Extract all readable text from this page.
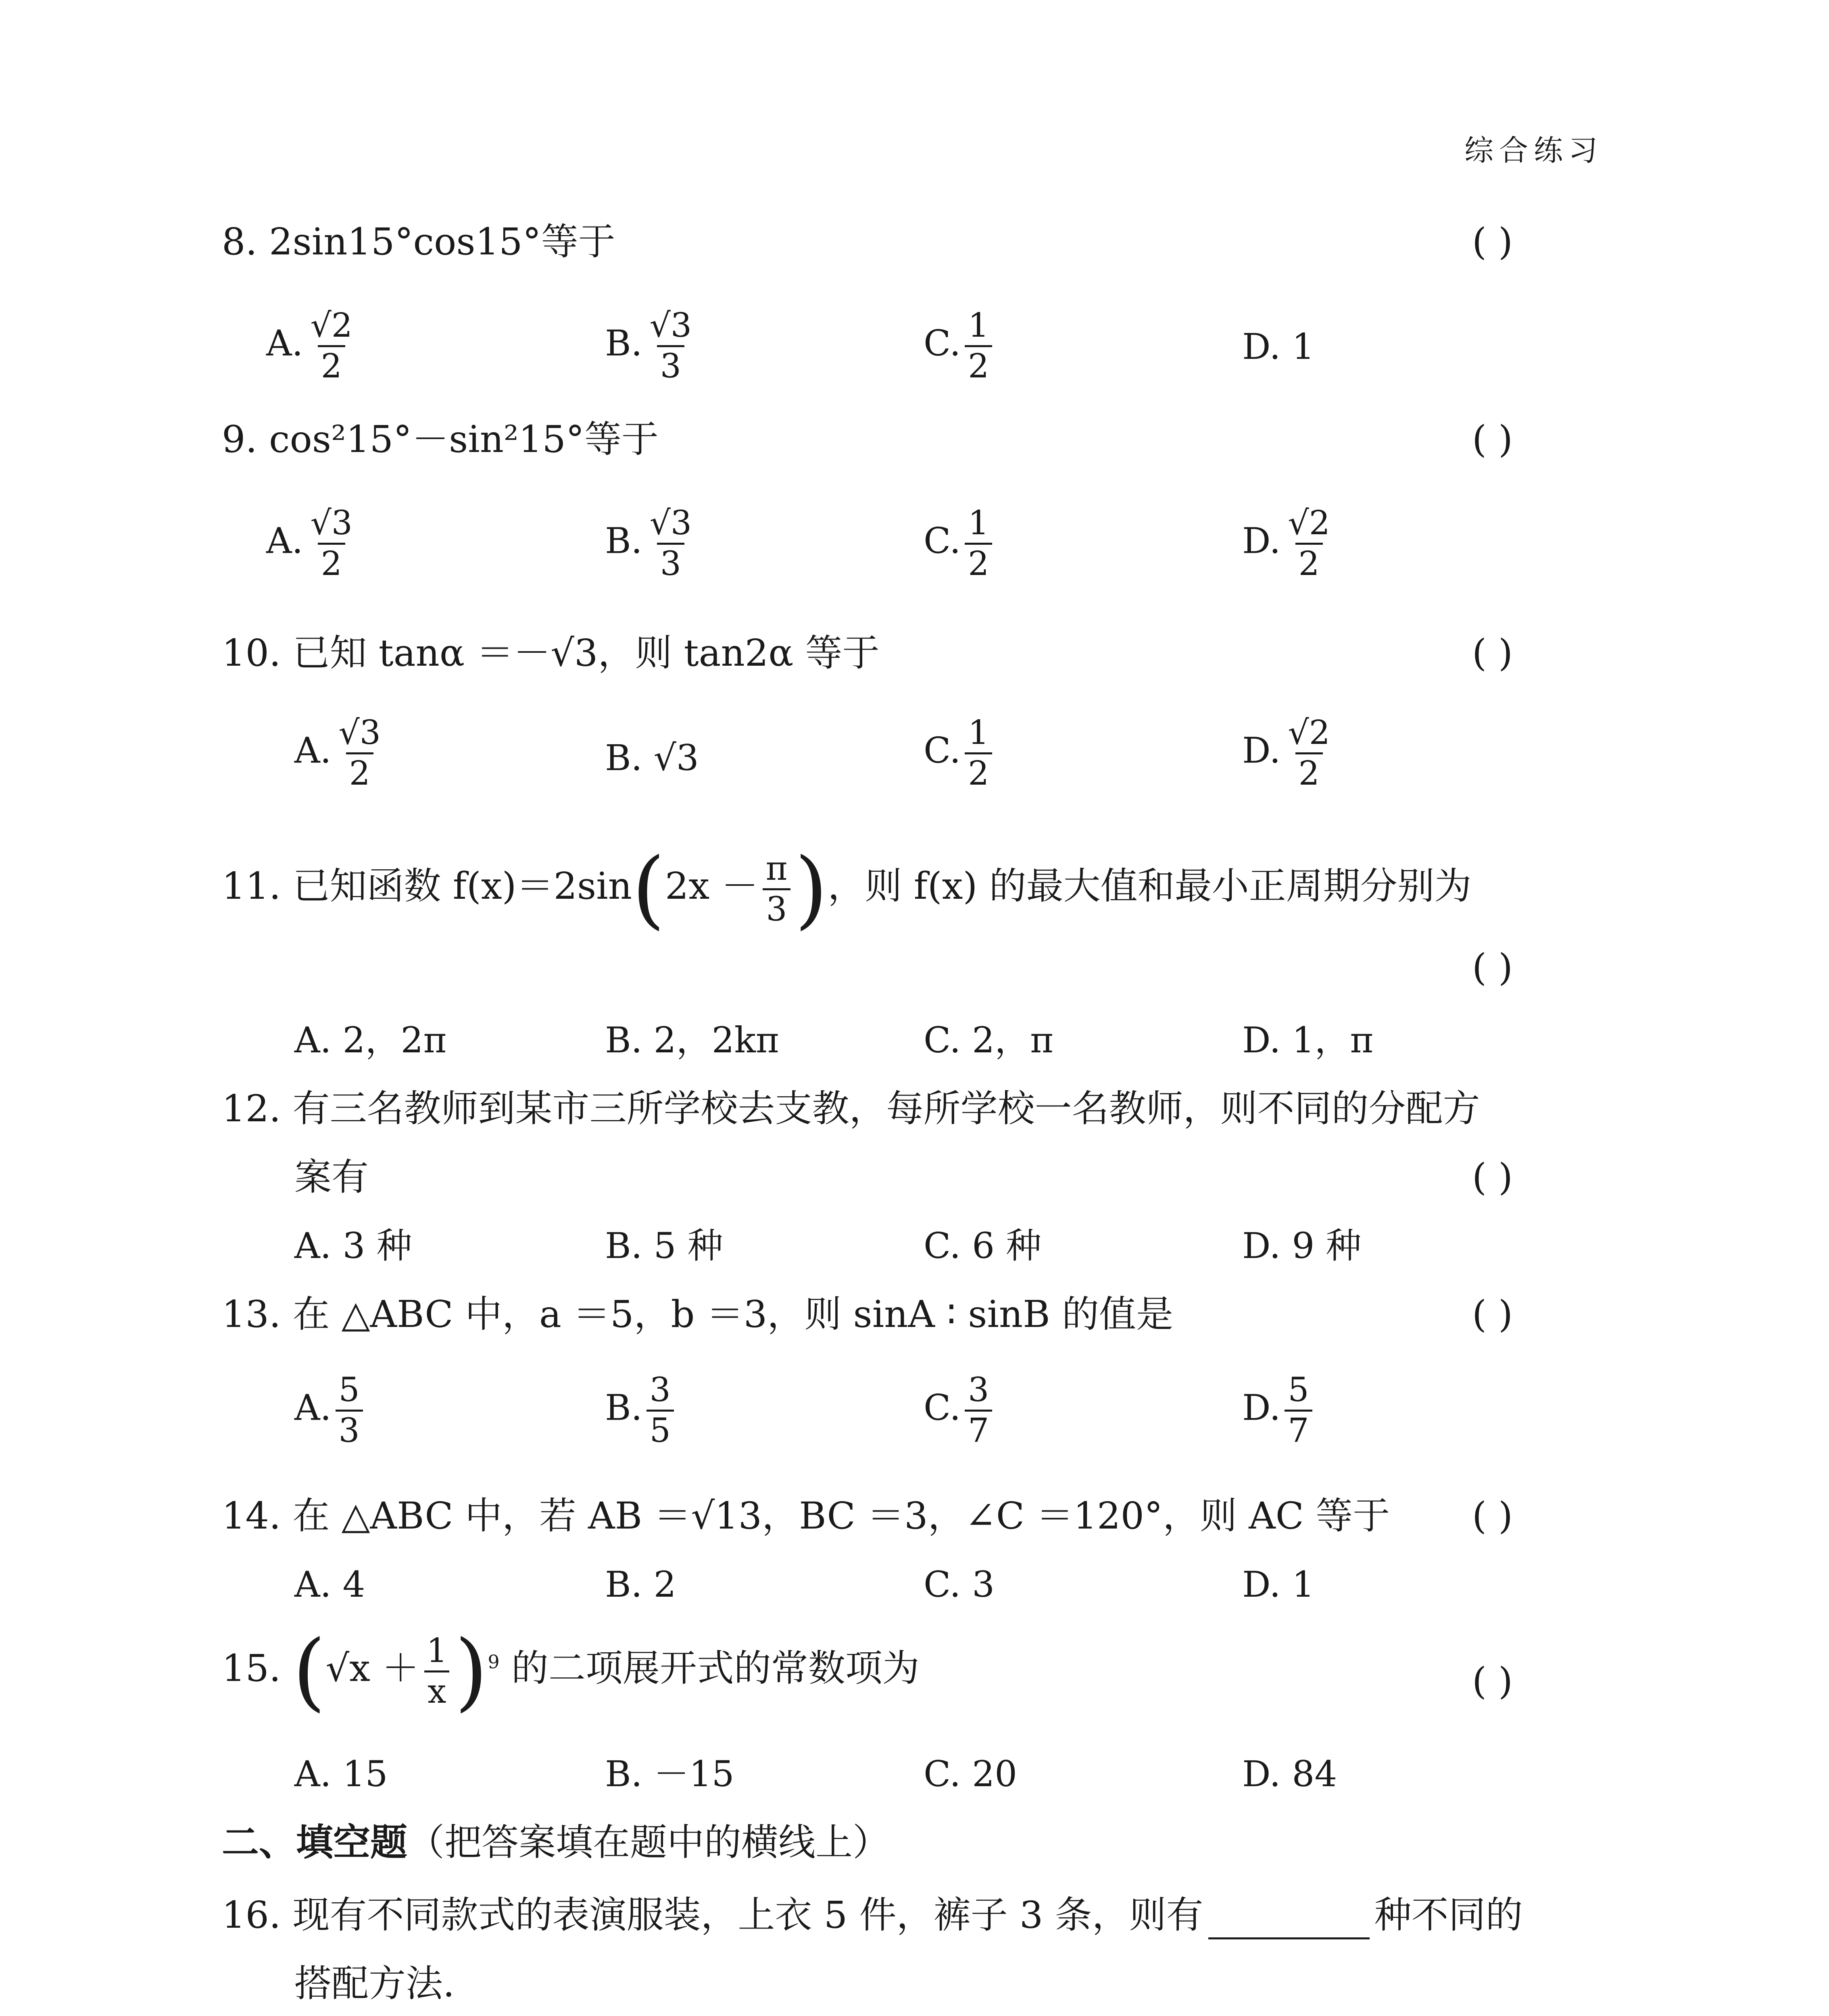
综合练习
8. 2sin15°cos15°等于	( )
A. $\frac{√2}{2}$	B. $\frac{√3}{3}$	C. $\frac{1}{2}$	D. 1
9. cos²15°－sin²15°等于	( )
A. $\frac{√3}{2}$	B. $\frac{√3}{3}$	C. $\frac{1}{2}$	D. $\frac{√2}{2}$
10. 已知 tanα ＝－√3，则 tan2α 等于	( )
A. $\frac{√3}{2}$	B. √3	C. $\frac{1}{2}$	D. $\frac{√2}{2}$
11. 已知函数 $f(x)=2\sin(2x - \frac{\pi}{3}$ )，则 f(x) 的最大值和最小正周期分别为
( )
A. 2，2π	B. 2，2kπ	C. 2，π	D. 1，π
12. 有三名教师到某市三所学校去支教，每所学校一名教师，则不同的分配方
案有	( )
A. 3 种	B. 5 种	C. 6 种	D. 9 种
13. 在 △ABC 中，a ＝5，b ＝3，则 sinA ∶ sinB 的值是	( )
A. $\frac{5}{3}$	B. $\frac{3}{5}$	C. $\frac{3}{7}$	D. $\frac{5}{7}$
14. 在 △ABC 中，若 AB ＝√13，BC ＝3，∠C ＝120°，则 AC 等于 ( )
A. 4	B. 2	C. 3	D. 1
15. $(√x + \frac{1}{x} )^9$ 的二项展开式的常数项为	( )
A. 15	B. －15	C. 20	D. 84
二、填空题（把答案填在题中的横线上）
16. 现有不同款式的表演服装，上衣 5 件，裤子 3 条，则有	种不同的
搭配方法.
